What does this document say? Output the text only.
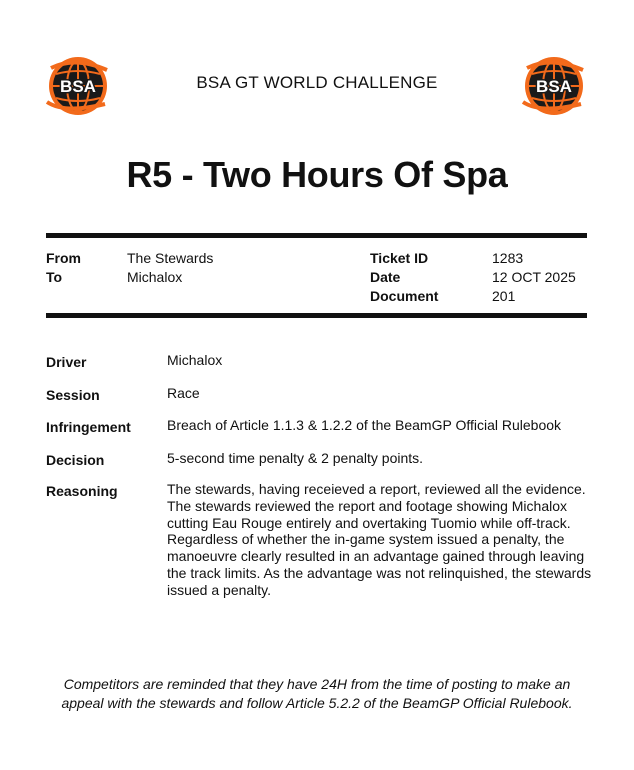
BSA	BSA GT WORLD CHALLENGE	BSA
R5 - Two Hours Of Spa
From	The Stewards
To	Michalox
Ticket ID	1283
Date	12 OCT 2025
Document	201
Driver	Michalox
Session	Race
Infringement	Breach of Article 1.1.3 & 1.2.2 of the BeamGP Official Rulebook
Decision	5-second time penalty & 2 penalty points.
Reasoning	The stewards, having receieved a report, reviewed all the evidence. The stewards reviewed the report and footage showing Michalox cutting Eau Rouge entirely and overtaking Tuomio while off-track. Regardless of whether the in-game system issued a penalty, the manoeuvre clearly resulted in an advantage gained through leaving the track limits. As the advantage was not relinquished, the stewards issued a penalty.
Competitors are reminded that they have 24H from the time of posting to make an appeal with the stewards and follow Article 5.2.2 of the BeamGP Official Rulebook.
